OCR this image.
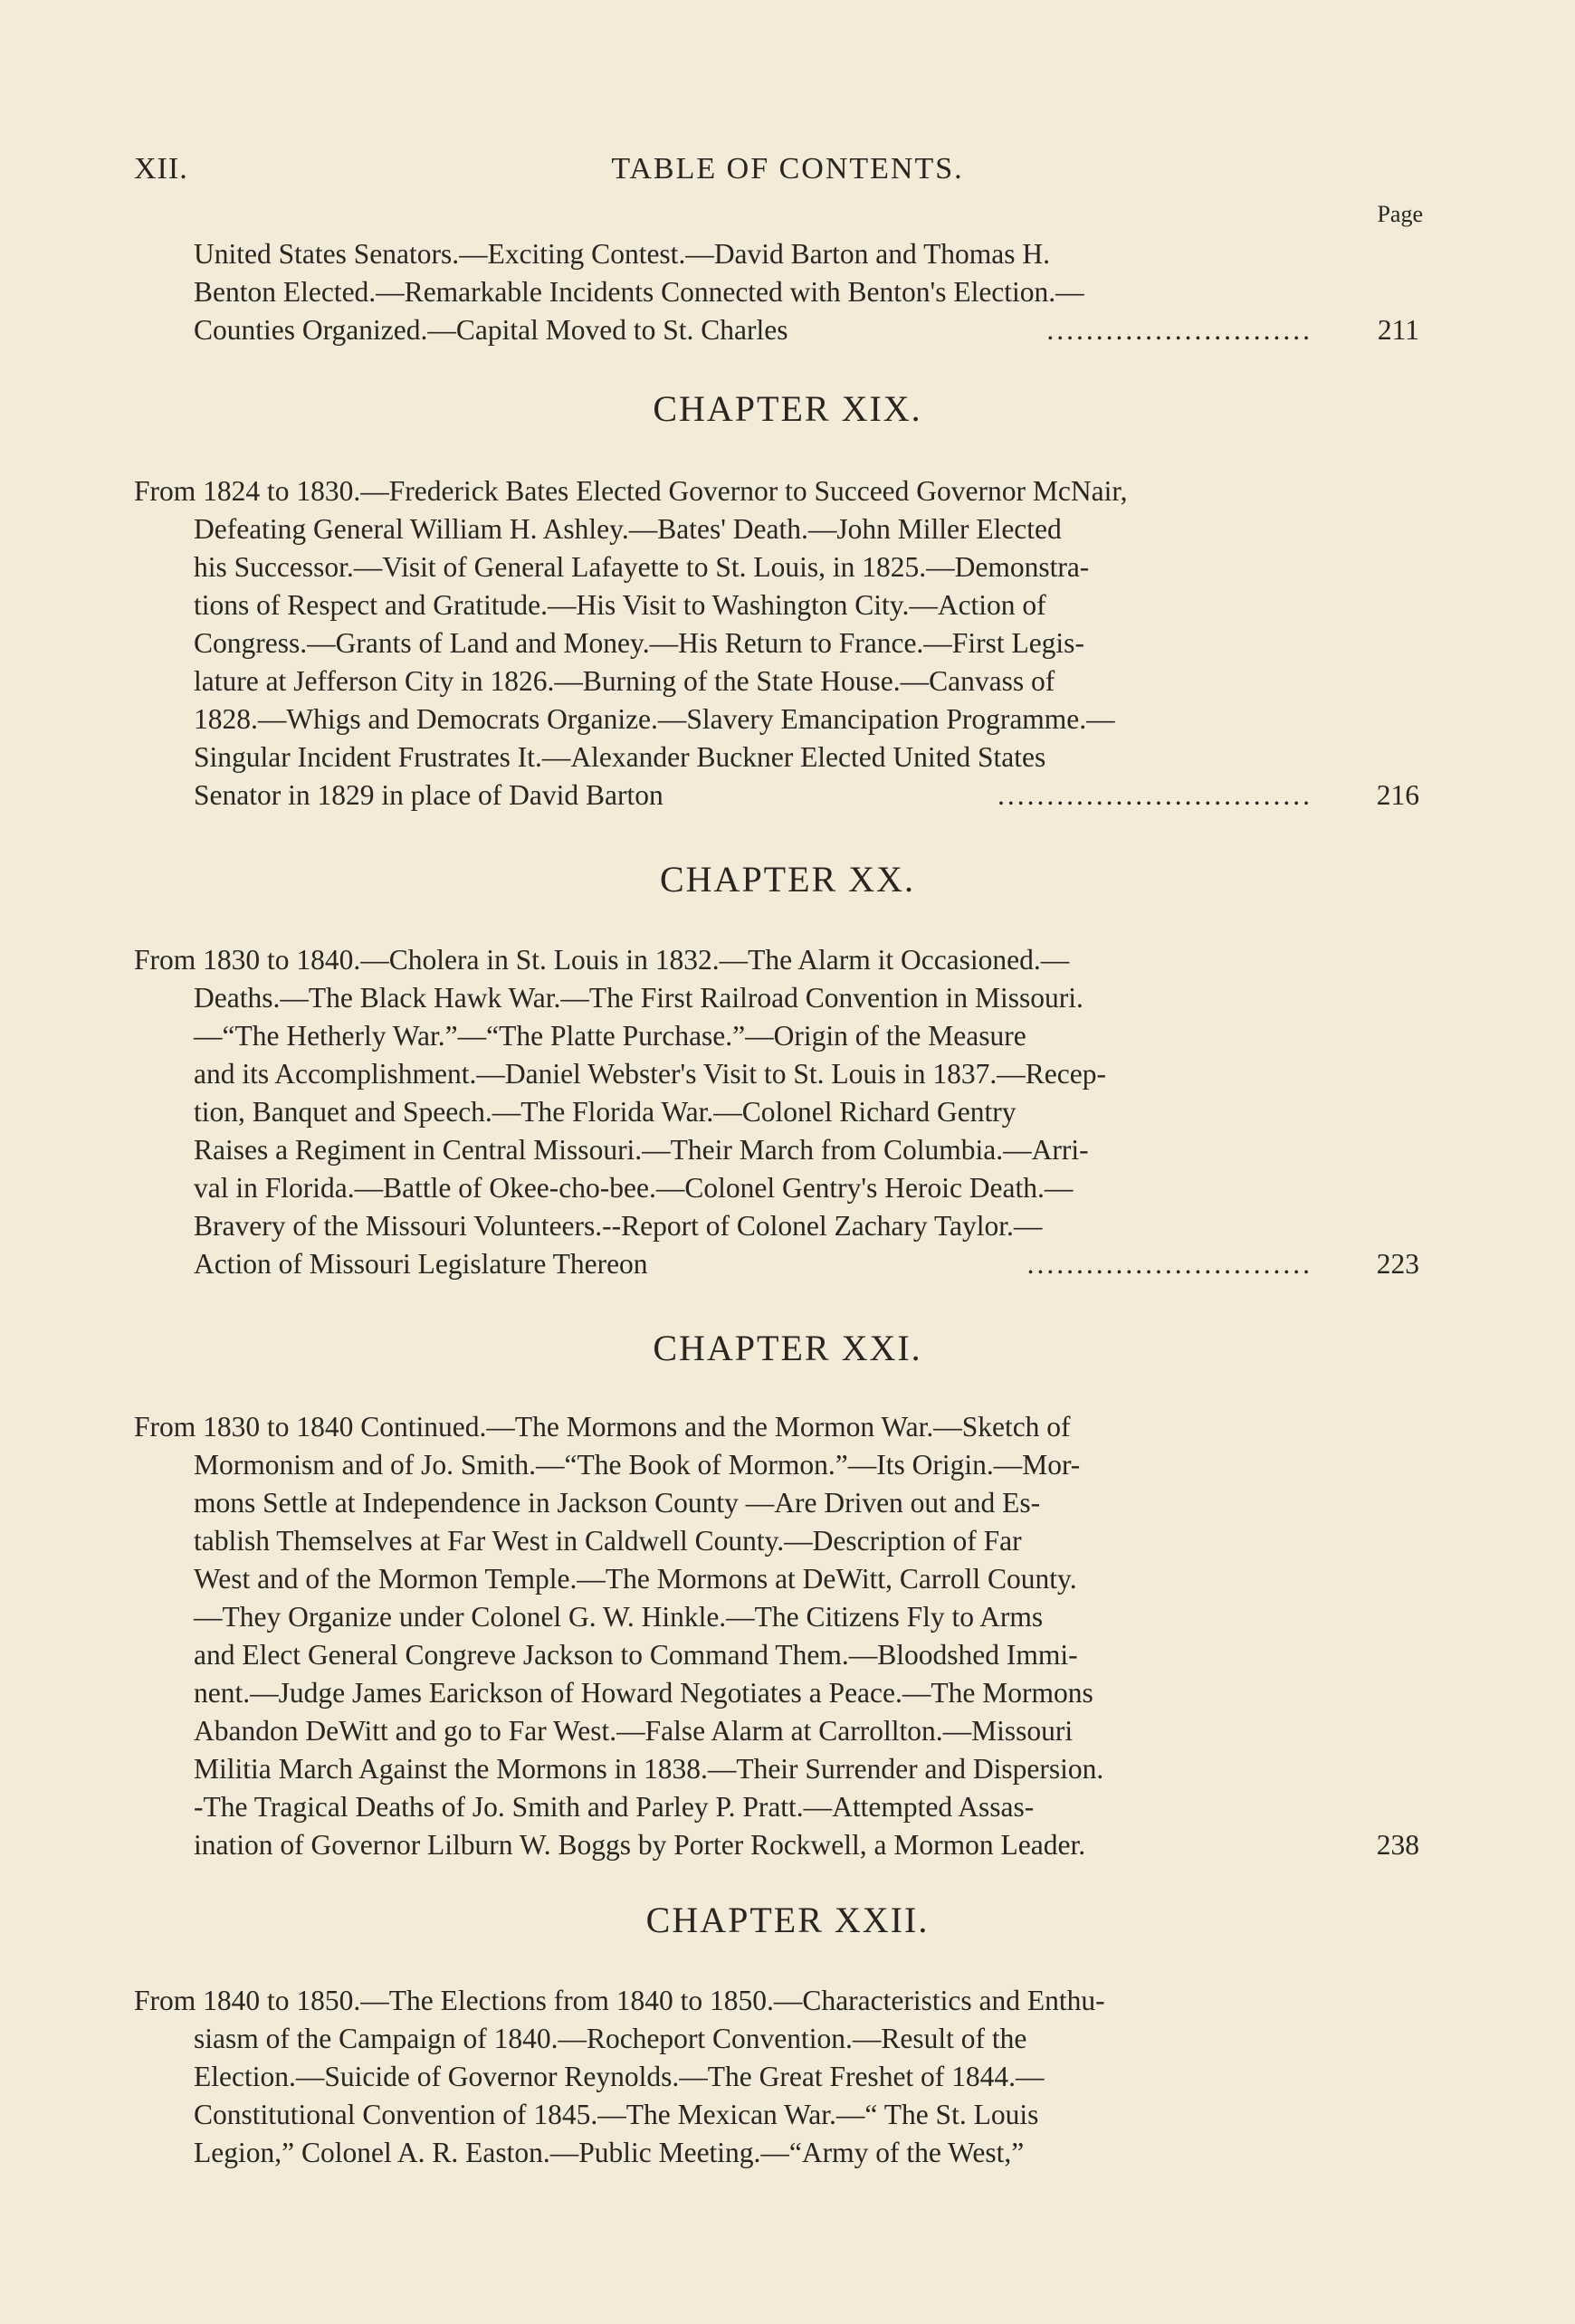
XII.	TABLE OF CONTENTS.
Page
United States Senators.—Exciting Contest.—David Barton and Thomas H.
Benton Elected.—Remarkable Incidents Connected with Benton's Election.—
Counties Organized.—Capital Moved to St. Charles	...........................	211
CHAPTER XIX.
From 1824 to 1830.—Frederick Bates Elected Governor to Succeed Governor McNair,
Defeating General William H. Ashley.—Bates' Death.—John Miller Elected
his Successor.—Visit of General Lafayette to St. Louis, in 1825.—Demonstra-
tions of Respect and Gratitude.—His Visit to Washington City.—Action of
Congress.—Grants of Land and Money.—His Return to France.—First Legis-
lature at Jefferson City in 1826.—Burning of the State House.—Canvass of
1828.—Whigs and Democrats Organize.—Slavery Emancipation Programme.—
Singular Incident Frustrates It.—Alexander Buckner Elected United States
Senator in 1829 in place of David Barton	................................	216
CHAPTER XX.
From 1830 to 1840.—Cholera in St. Louis in 1832.—The Alarm it Occasioned.—
Deaths.—The Black Hawk War.—The First Railroad Convention in Missouri.
—“The Hetherly War.”—“The Platte Purchase.”—Origin of the Measure
and its Accomplishment.—Daniel Webster's Visit to St. Louis in 1837.—Recep-
tion, Banquet and Speech.—The Florida War.—Colonel Richard Gentry
Raises a Regiment in Central Missouri.—Their March from Columbia.—Arri-
val in Florida.—Battle of Okee-cho-bee.—Colonel Gentry's Heroic Death.—
Bravery of the Missouri Volunteers.--Report of Colonel Zachary Taylor.—
Action of Missouri Legislature Thereon	.............................	223
CHAPTER XXI.
From 1830 to 1840 Continued.—The Mormons and the Mormon War.—Sketch of
Mormonism and of Jo. Smith.—“The Book of Mormon.”—Its Origin.—Mor-
mons Settle at Independence in Jackson County —Are Driven out and Es-
tablish Themselves at Far West in Caldwell County.—Description of Far
West and of the Mormon Temple.—The Mormons at DeWitt, Carroll County.
—They Organize under Colonel G. W. Hinkle.—The Citizens Fly to Arms
and Elect General Congreve Jackson to Command Them.—Bloodshed Immi-
nent.—Judge James Earickson of Howard Negotiates a Peace.—The Mormons
Abandon DeWitt and go to Far West.—False Alarm at Carrollton.—Missouri
Militia March Against the Mormons in 1838.—Their Surrender and Dispersion.
-The Tragical Deaths of Jo. Smith and Parley P. Pratt.—Attempted Assas-
ination of Governor Lilburn W. Boggs by Porter Rockwell, a Mormon Leader.	238
CHAPTER XXII.
From 1840 to 1850.—The Elections from 1840 to 1850.—Characteristics and Enthu-
siasm of the Campaign of 1840.—Rocheport Convention.—Result of the
Election.—Suicide of Governor Reynolds.—The Great Freshet of 1844.—
Constitutional Convention of 1845.—The Mexican War.—“ The St. Louis
Legion,” Colonel A. R. Easton.—Public Meeting.—“Army of the West,”
